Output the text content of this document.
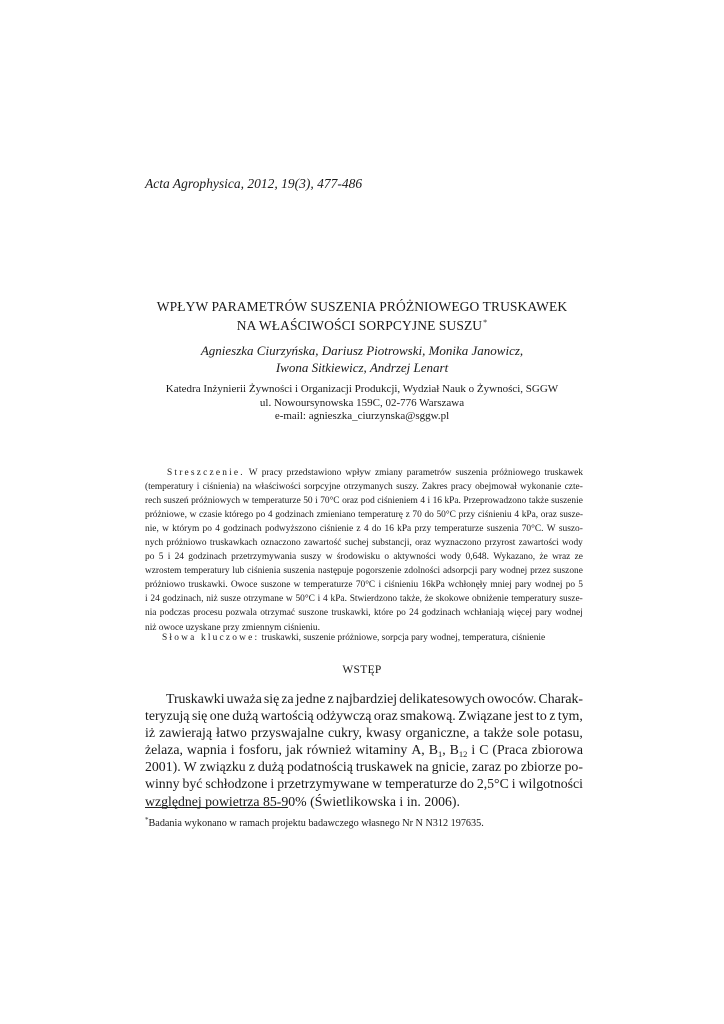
Acta Agrophysica, 2012, 19(3), 477-486
WPŁYW PARAMETRÓW SUSZENIA PRÓŻNIOWEGO TRUSKAWEK
NA WŁAŚCIWOŚCI SORPCYJNE SUSZU*
Agnieszka Ciurzyńska, Dariusz Piotrowski, Monika Janowicz,
Iwona Sitkiewicz, Andrzej Lenart
Katedra Inżynierii Żywności i Organizacji Produkcji, Wydział Nauk o Żywności, SGGW
ul. Nowoursynowska 159C, 02-776 Warszawa
e-mail: agnieszka_ciurzynska@sggw.pl
Streszczenie. W pracy przedstawiono wpływ zmiany parametrów suszenia próżniowego truskawek
(temperatury i ciśnienia) na właściwości sorpcyjne otrzymanych suszy. Zakres pracy obejmował wykonanie czte-
rech suszeń próżniowych w temperaturze 50 i 70°C oraz pod ciśnieniem 4 i 16 kPa. Przeprowadzono także suszenie
próżniowe, w czasie którego po 4 godzinach zmieniano temperaturę z 70 do 50°C przy ciśnieniu 4 kPa, oraz susze-
nie, w którym po 4 godzinach podwyższono ciśnienie z 4 do 16 kPa przy temperaturze suszenia 70°C. W suszo-
nych próżniowo truskawkach oznaczono zawartość suchej substancji, oraz wyznaczono przyrost zawartości wody
po 5 i 24 godzinach przetrzymywania suszy w środowisku o aktywności wody 0,648. Wykazano, że wraz ze
wzrostem temperatury lub ciśnienia suszenia następuje pogorszenie zdolności adsorpcji pary wodnej przez suszone
próżniowo truskawki. Owoce suszone w temperaturze 70°C i ciśnieniu 16kPa wchłonęły mniej pary wodnej po 5
i 24 godzinach, niż susze otrzymane w 50°C i 4 kPa. Stwierdzono także, że skokowe obniżenie temperatury susze-
nia podczas procesu pozwala otrzymać suszone truskawki, które po 24 godzinach wchłaniają więcej pary wodnej
niż owoce uzyskane przy zmiennym ciśnieniu.
Słowa kluczowe: truskawki, suszenie próżniowe, sorpcja pary wodnej, temperatura, ciśnienie
WSTĘP
Truskawki uważa się za jedne z najbardziej delikatesowych owoców. Charak-
teryzują się one dużą wartością odżywczą oraz smakową. Związane jest to z tym,
iż zawierają łatwo przyswajalne cukry, kwasy organiczne, a także sole potasu,
żelaza, wapnia i fosforu, jak również witaminy A, $B_1$, $B_{12}$ i C (Praca zbiorowa
2001). W związku z dużą podatnością truskawek na gnicie, zaraz po zbiorze po-
winny być schłodzone i przetrzymywane w temperaturze do 2,5°C i wilgotności
względnej powietrza 85-90% (Świetlikowska i in. 2006).
*Badania wykonano w ramach projektu badawczego własnego Nr N N312 197635.
